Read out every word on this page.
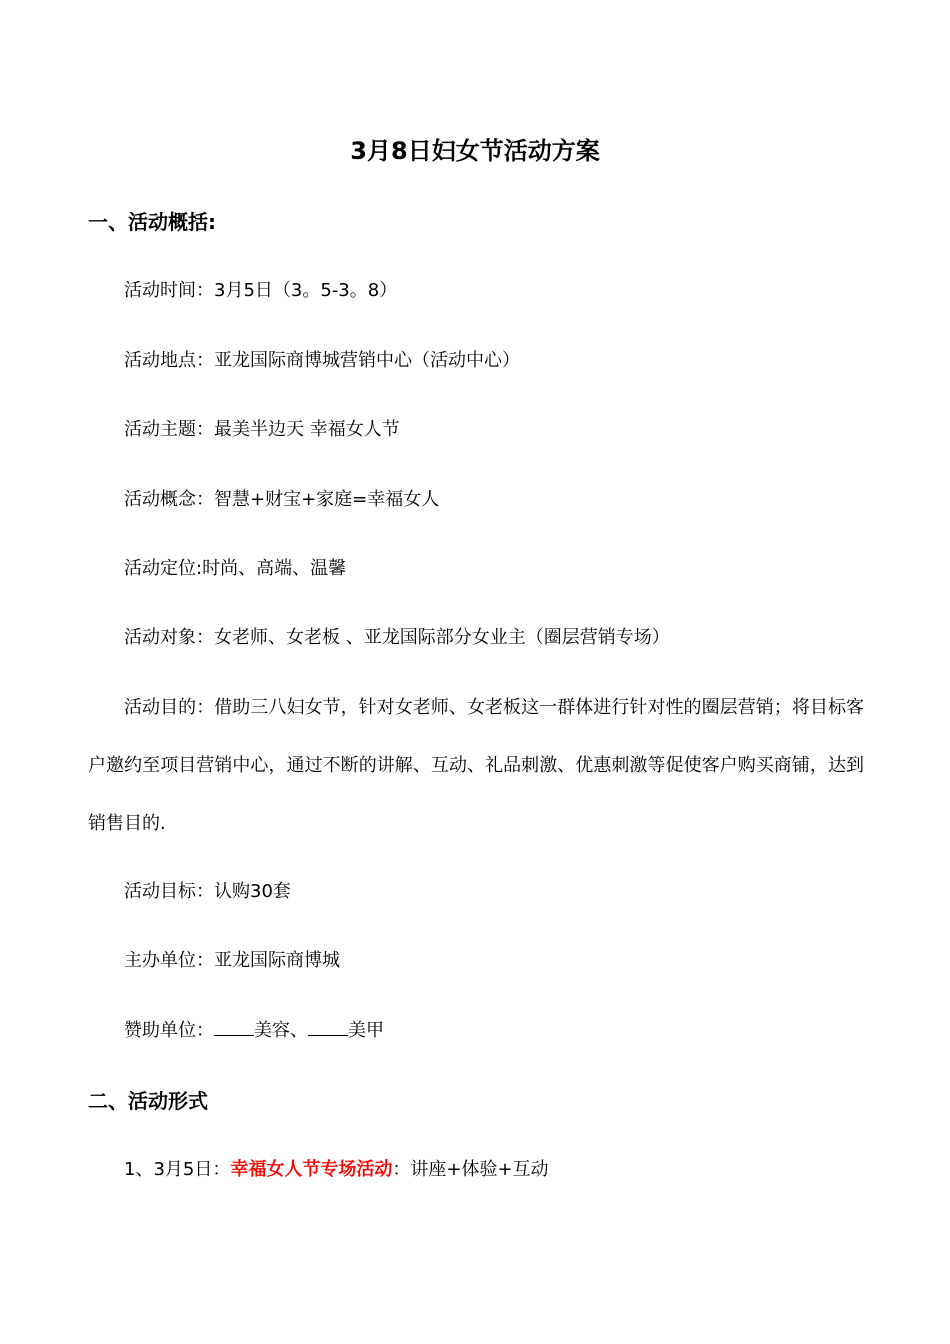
3月8日妇女节活动方案
一、活动概括:
活动时间：3月5日（3。5-3。8）
活动地点：亚龙国际商博城营销中心（活动中心）
活动主题：最美半边天 幸福女人节
活动概念：智慧+财宝+家庭=幸福女人
活动定位:时尚、高端、温馨
活动对象：女老师、女老板 、亚龙国际部分女业主（圈层营销专场）
活动目的：借助三八妇女节，针对女老师、女老板这一群体进行针对性的圈层营销；将目标客户邀约至项目营销中心，通过不断的讲解、互动、礼品刺激、优惠刺激等促使客户购买商铺，达到销售目的.
活动目标：认购30套
主办单位：亚龙国际商博城
赞助单位： 美容、 美甲
二、活动形式
1、3月5日：幸福女人节专场活动：讲座+体验+互动
